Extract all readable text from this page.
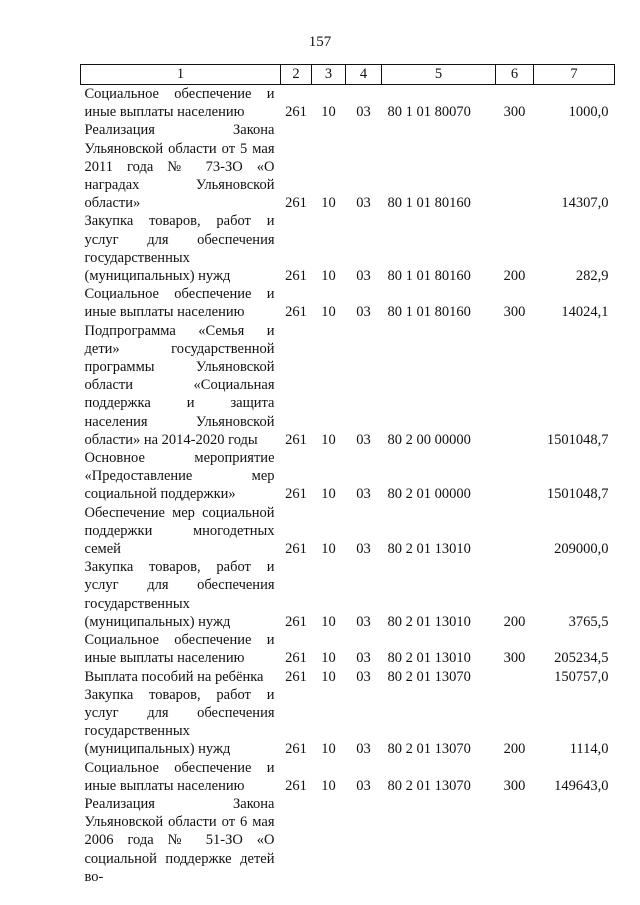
157
1	2	3	4	5	6	7
Социальное обеспечение и иные выплаты населению	261	10	03	80 1 01 80070	300	1000,0
Реализация Закона Ульяновской области от 5 мая 2011 года № 73-ЗО «О наградах Ульяновской области»	261	10	03	80 1 01 80160		14307,0
Закупка товаров, работ и услуг для обеспечения государственных (муниципальных) нужд	261	10	03	80 1 01 80160	200	282,9
Социальное обеспечение и иные выплаты населению	261	10	03	80 1 01 80160	300	14024,1
Подпрограмма «Семья и дети» государственной программы Ульяновской области «Социальная поддержка и защита населения Ульяновской области» на 2014-2020 годы	261	10	03	80 2 00 00000		1501048,7
Основное мероприятие «Предоставление мер социальной поддержки»	261	10	03	80 2 01 00000		1501048,7
Обеспечение мер социальной поддержки многодетных семей	261	10	03	80 2 01 13010		209000,0
Закупка товаров, работ и услуг для обеспечения государственных (муниципальных) нужд	261	10	03	80 2 01 13010	200	3765,5
Социальное обеспечение и иные выплаты населению	261	10	03	80 2 01 13010	300	205234,5
Выплата пособий на ребёнка	261	10	03	80 2 01 13070		150757,0
Закупка товаров, работ и услуг для обеспечения государственных (муниципальных) нужд	261	10	03	80 2 01 13070	200	1114,0
Социальное обеспечение и иные выплаты населению	261	10	03	80 2 01 13070	300	149643,0
Реализация Закона Ульяновской области от 6 мая 2006 года № 51-ЗО «О социальной поддержке детей во-						
